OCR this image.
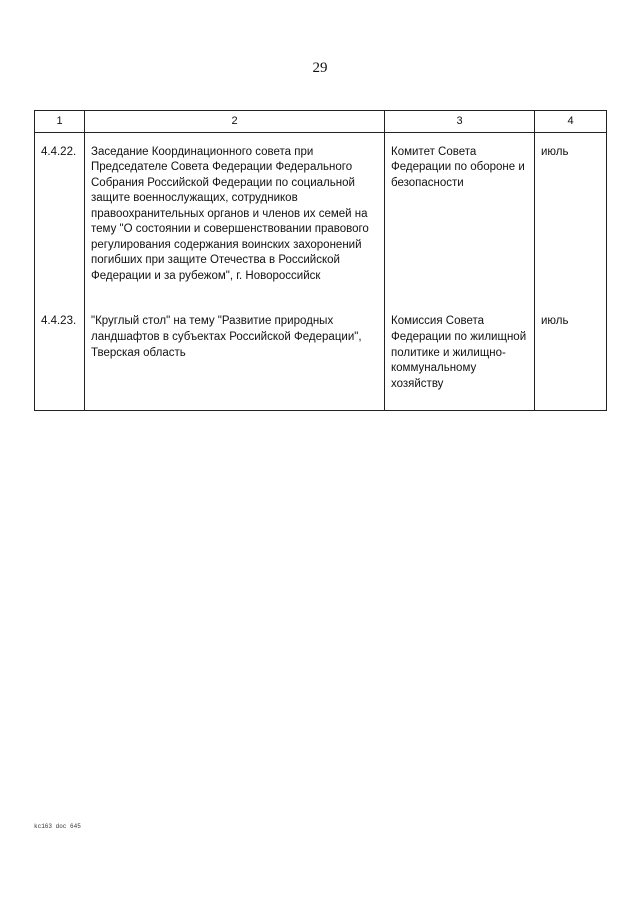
29
1	2	3	4
4.4.22.	Заседание Координационного совета при Председателе Совета Федерации Федерального Собрания Российской Федерации по социальной защите военнослужащих, сотрудников правоохранительных органов и членов их семей на тему "О состоянии и совершенствовании правового регулирования содержания воинских захоронений погибших при защите Отечества в Российской Федерации и за рубежом", г. Новороссийск	Комитет Совета Федерации по обороне и безопасности	июль
4.4.23.	"Круглый стол" на тему "Развитие природных ландшафтов в субъектах Российской Федерации", Тверская область	Комиссия Совета Федерации по жилищной политике и жилищно-коммунальному хозяйству	июль
kc163 doc 645
